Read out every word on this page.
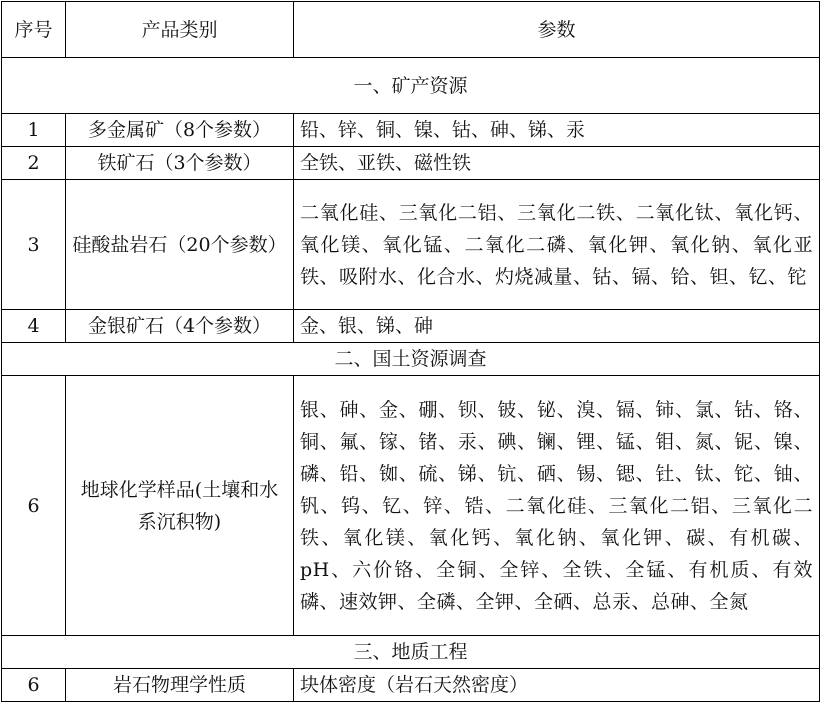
序号	产品类别	参数
一、矿产资源		
1	多金属矿（8个参数）	铅、锌、铜、镍、钴、砷、锑、汞
2	铁矿石（3个参数）	全铁、亚铁、磁性铁
3	硅酸盐岩石（20个参数）	二氧化硅、三氧化二铝、三氧化二铁、二氧化钛、氧化钙、氧化镁、氧化锰、二氧化二磷、氧化钾、氧化钠、氧化亚铁、吸附水、化合水、灼烧减量、钴、镉、铪、钽、钇、铊
4	金银矿石（4个参数）	金、银、锑、砷
二、国土资源调查		
6	地球化学样品(土壤和水系沉积物)	银、砷、金、硼、钡、铍、铋、溴、镉、铈、氯、钴、铬、铜、氟、镓、锗、汞、碘、镧、锂、锰、钼、氮、铌、镍、磷、铅、铷、硫、锑、钪、硒、锡、锶、钍、钛、铊、铀、钒、钨、钇、锌、锆、二氧化硅、三氧化二铝、三氧化二铁、氧化镁、氧化钙、氧化钠、氧化钾、碳、有机碳、pH、六价铬、全铜、全锌、全铁、全锰、有机质、有效磷、速效钾、全磷、全钾、全硒、总汞、总砷、全氮
三、地质工程		
6	岩石物理学性质	块体密度（岩石天然密度）
